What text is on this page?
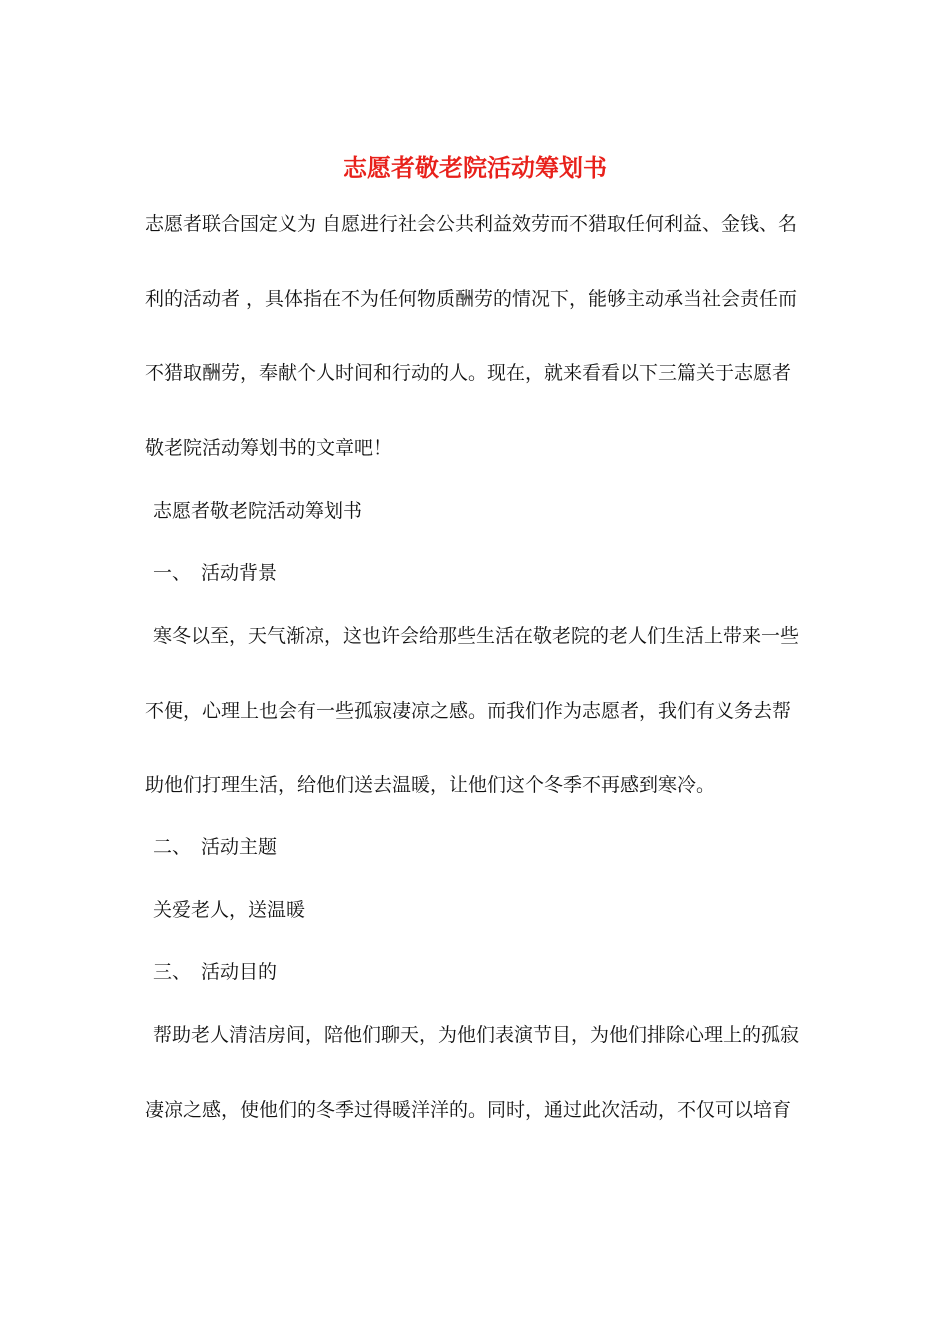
志愿者敬老院活动筹划书
志愿者联合国定义为 自愿进行社会公共利益效劳而不猎取任何利益、金钱、名
利的活动者 ，具体指在不为任何物质酬劳的情况下，能够主动承当社会责任而
不猎取酬劳，奉献个人时间和行动的人。现在，就来看看以下三篇关于志愿者
敬老院活动筹划书的文章吧！
志愿者敬老院活动筹划书
一、 活动背景
寒冬以至，天气渐凉，这也许会给那些生活在敬老院的老人们生活上带来一些
不便，心理上也会有一些孤寂凄凉之感。而我们作为志愿者，我们有义务去帮
助他们打理生活，给他们送去温暖，让他们这个冬季不再感到寒冷。
二、 活动主题
关爱老人，送温暖
三、 活动目的
帮助老人清洁房间，陪他们聊天，为他们表演节目，为他们排除心理上的孤寂
凄凉之感，使他们的冬季过得暖洋洋的。同时，通过此次活动，不仅可以培育
